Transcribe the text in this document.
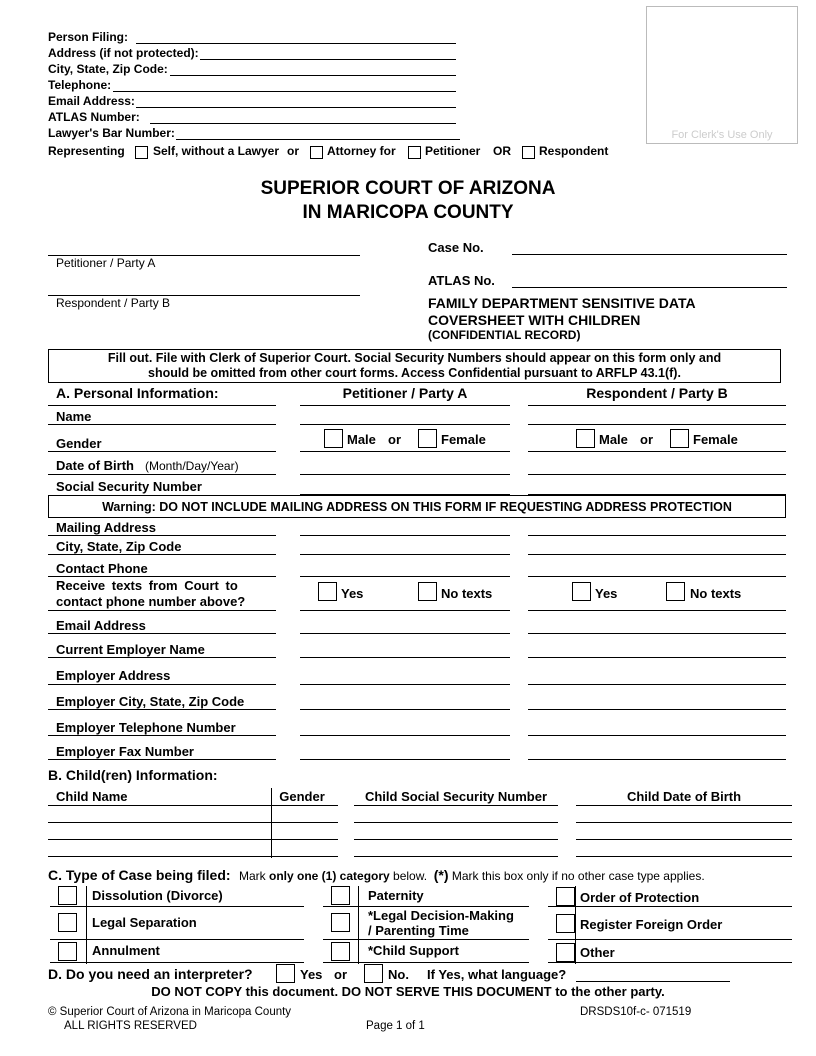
Person Filing:
Address (if not protected):
City, State, Zip Code:
Telephone:
Email Address:
ATLAS Number:
Lawyer's Bar Number:
Representing Self, without a Lawyer or Attorney for Petitioner OR Respondent
For Clerk's Use Only
SUPERIOR COURT OF ARIZONA
IN MARICOPA COUNTY
Petitioner / Party A
Respondent / Party B
Case No.
ATLAS No.
FAMILY DEPARTMENT SENSITIVE DATA
COVERSHEET WITH CHILDREN
(CONFIDENTIAL RECORD)
Fill out. File with Clerk of Superior Court. Social Security Numbers should appear on this form only and
should be omitted from other court forms. Access Confidential pursuant to ARFLP 43.1(f).
A. Personal Information:	Petitioner / Party A	Respondent / Party B
Name
Gender	Male or	Female	Male or	Female
Date of Birth (Month/Day/Year)
Social Security Number
Warning: DO NOT INCLUDE MAILING ADDRESS ON THIS FORM IF REQUESTING ADDRESS PROTECTION
Mailing Address
City, State, Zip Code
Contact Phone
Receive texts from Court to
contact phone number above?
Yes	No texts	Yes	No texts
Email Address
Current Employer Name
Employer Address
Employer City, State, Zip Code
Employer Telephone Number
Employer Fax Number
B. Child(ren) Information:
Child Name	Gender	Child Social Security Number	Child Date of Birth
C. Type of Case being filed: Mark only one (1) category below.  (*) Mark this box only if no other case type applies.
Dissolution (Divorce)
Legal Separation
Annulment
Paternity
*Legal Decision-Making
/ Parenting Time
*Child Support
Order of Protection
Register Foreign Order
Other
D. Do you need an interpreter?	Yes or	No. If Yes, what language?
DO NOT COPY this document. DO NOT SERVE THIS DOCUMENT to the other party.
© Superior Court of Arizona in Maricopa County
ALL RIGHTS RESERVED	Page 1 of 1
DRSDS10f-c- 071519
